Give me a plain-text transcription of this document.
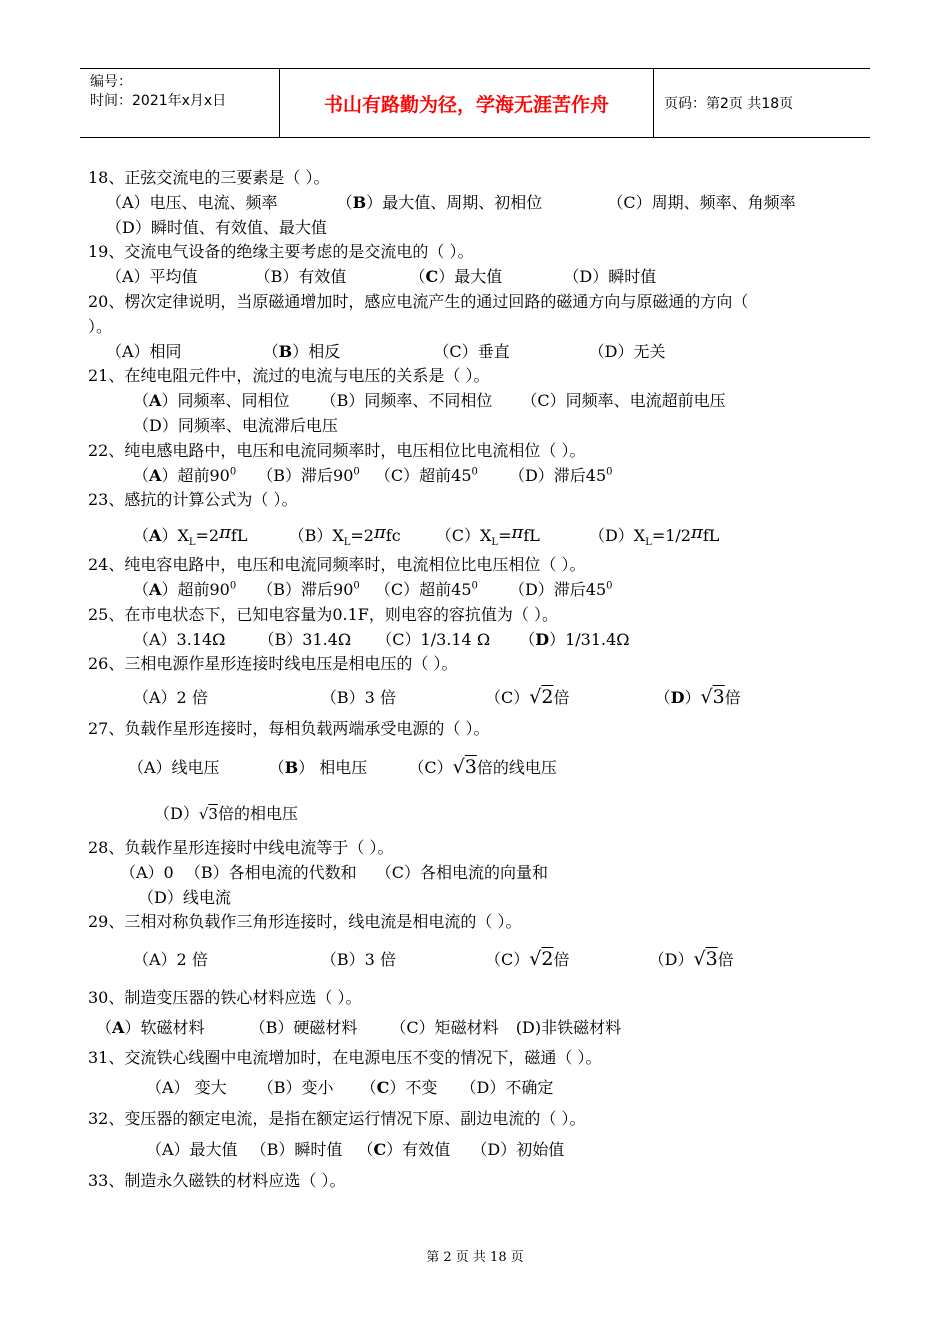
编号：
时间：2021年x月x日	书山有路勤为径，学海无涯苦作舟	页码：第2页 共18页
18、正弦交流电的三要素是（ ）。
（A）电压、电流、频率	（B）最大值、周期、初相位	（C）周期、频率、角频率
（D）瞬时值、有效值、最大值
19、交流电气设备的绝缘主要考虑的是交流电的（ ）。
（A）平均值	（B）有效值	（C）最大值	（D）瞬时值
20、楞次定律说明，当原磁通增加时，感应电流产生的通过回路的磁通方向与原磁通的方向（
）。
（A）相同	（B）相反	（C）垂直	（D）无关
21、在纯电阻元件中，流过的电流与电压的关系是（ ）。
（A）同频率、同相位 （B）同频率、不同相位 （C）同频率、电流超前电压
（D）同频率、电流滞后电压
22、纯电感电路中，电压和电流同频率时，电压相位比电流相位（ ）。
（A）超前$90^0$ （B）滞后$90^0$ （C）超前$45^0$ （D）滞后$45^0$
23、感抗的计算公式为（ ）。
$(A)X_L=2\pi fL$	$(B)X_L=2\pi fc$ $(C)X_L=\pi fL$	$(D)X_L=1/2\pi fL$
24、纯电容电路中，电压和电流同频率时，电流相位比电压相位（ ）。
（A）超前$90^0$ （B）滞后$90^0$ （C）超前$45^0$ （D）滞后$45^0$
25、在市电状态下，已知电容量为0.1F，则电容的容抗值为（ ）。
（A）3.14Ω （B）31.4Ω （C）1/3.14 Ω （D）1/31.4Ω
26、三相电源作星形连接时线电压是相电压的（ ）。
（A）2 倍	（B）3 倍	（C）√2倍	（D）√3倍
27、负载作星形连接时，每相负载两端承受电源的（ ）。
（A）线电压	（B） 相电压	（C）√3倍的线电压
（D）√3倍的相电压
28、负载作星形连接时中线电流等于（ ）。
（A）0 （B）各相电流的代数和 （C）各相电流的向量和
（D）线电流
29、三相对称负载作三角形连接时，线电流是相电流的（ ）。
（A）2 倍	（B）3 倍	（C）√2倍	（D）√3倍
30、制造变压器的铁心材料应选（ ）。
（A）软磁材料	（B）硬磁材料 （C）矩磁材料 (D)非铁磁材料
31、交流铁心线圈中电流增加时，在电源电压不变的情况下，磁通（ ）。
（A） 变大 （B）变小 （C）不变 （D）不确定
32、变压器的额定电流，是指在额定运行情况下原、副边电流的（ ）。
（A）最大值 （B）瞬时值 （C）有效值 （D）初始值
33、制造永久磁铁的材料应选（ ）。
第 2 页 共 18 页
